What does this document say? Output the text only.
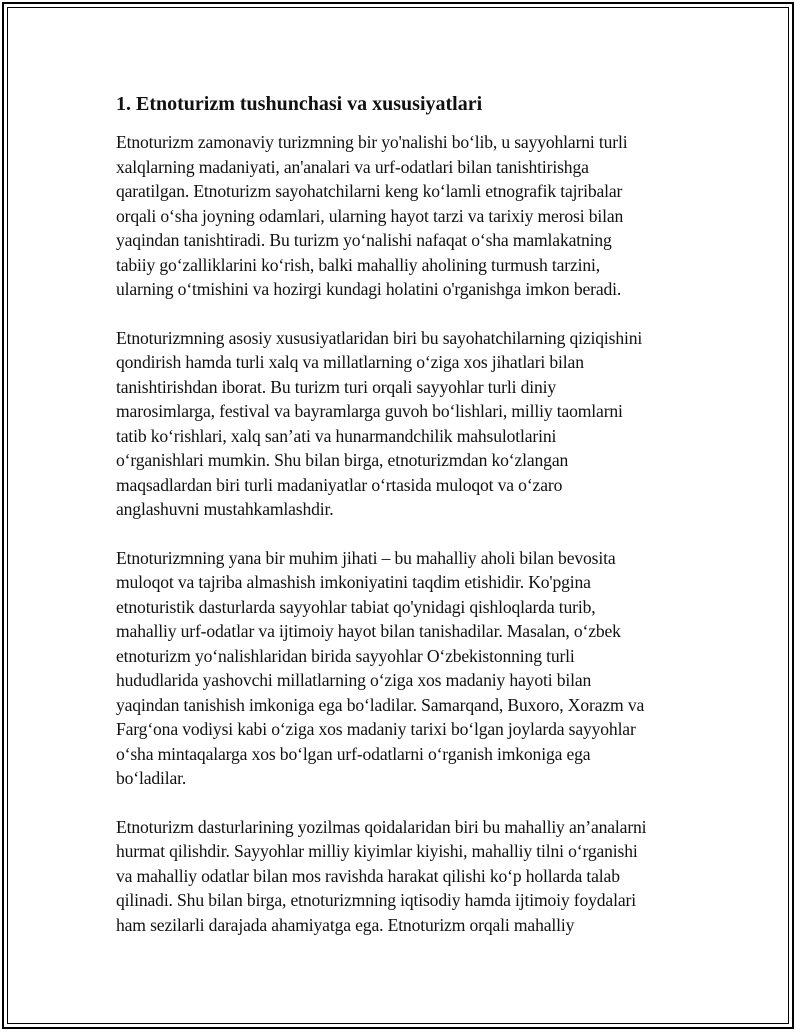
1. Etnoturizm tushunchasi va xususiyatlari

Etnoturizm zamonaviy turizmning bir yo'nalishi boʻlib, u sayyohlarni turli
xalqlarning madaniyati, an'analari va urf-odatlari bilan tanishtirishga
qaratilgan. Etnoturizm sayohatchilarni keng koʻlamli etnografik tajribalar
orqali oʻsha joyning odamlari, ularning hayot tarzi va tarixiy merosi bilan
yaqindan tanishtiradi. Bu turizm yoʻnalishi nafaqat oʻsha mamlakatning
tabiiy goʻzalliklarini koʻrish, balki mahalliy aholining turmush tarzini,
ularning oʻtmishini va hozirgi kundagi holatini o'rganishga imkon beradi.

Etnoturizmning asosiy xususiyatlaridan biri bu sayohatchilarning qiziqishini
qondirish hamda turli xalq va millatlarning oʻziga xos jihatlari bilan
tanishtirishdan iborat. Bu turizm turi orqali sayyohlar turli diniy
marosimlarga, festival va bayramlarga guvoh boʻlishlari, milliy taomlarni
tatib koʻrishlari, xalq san’ati va hunarmandchilik mahsulotlarini
oʻrganishlari mumkin. Shu bilan birga, etnoturizmdan koʻzlangan
maqsadlardan biri turli madaniyatlar oʻrtasida muloqot va oʻzaro
anglashuvni mustahkamlashdir.

Etnoturizmning yana bir muhim jihati – bu mahalliy aholi bilan bevosita
muloqot va tajriba almashish imkoniyatini taqdim etishidir. Ko'pgina
etnoturistik dasturlarda sayyohlar tabiat qo'ynidagi qishloqlarda turib,
mahalliy urf-odatlar va ijtimoiy hayot bilan tanishadilar. Masalan, oʻzbek
etnoturizm yoʻnalishlaridan birida sayyohlar Oʻzbekistonning turli
hududlarida yashovchi millatlarning oʻziga xos madaniy hayoti bilan
yaqindan tanishish imkoniga ega boʻladilar. Samarqand, Buxoro, Xorazm va
Fargʻona vodiysi kabi oʻziga xos madaniy tarixi boʻlgan joylarda sayyohlar
oʻsha mintaqalarga xos boʻlgan urf-odatlarni oʻrganish imkoniga ega
boʻladilar.

Etnoturizm dasturlarining yozilmas qoidalaridan biri bu mahalliy an’analarni
hurmat qilishdir. Sayyohlar milliy kiyimlar kiyishi, mahalliy tilni oʻrganishi
va mahalliy odatlar bilan mos ravishda harakat qilishi koʻp hollarda talab
qilinadi. Shu bilan birga, etnoturizmning iqtisodiy hamda ijtimoiy foydalari
ham sezilarli darajada ahamiyatga ega. Etnoturizm orqali mahalliy
